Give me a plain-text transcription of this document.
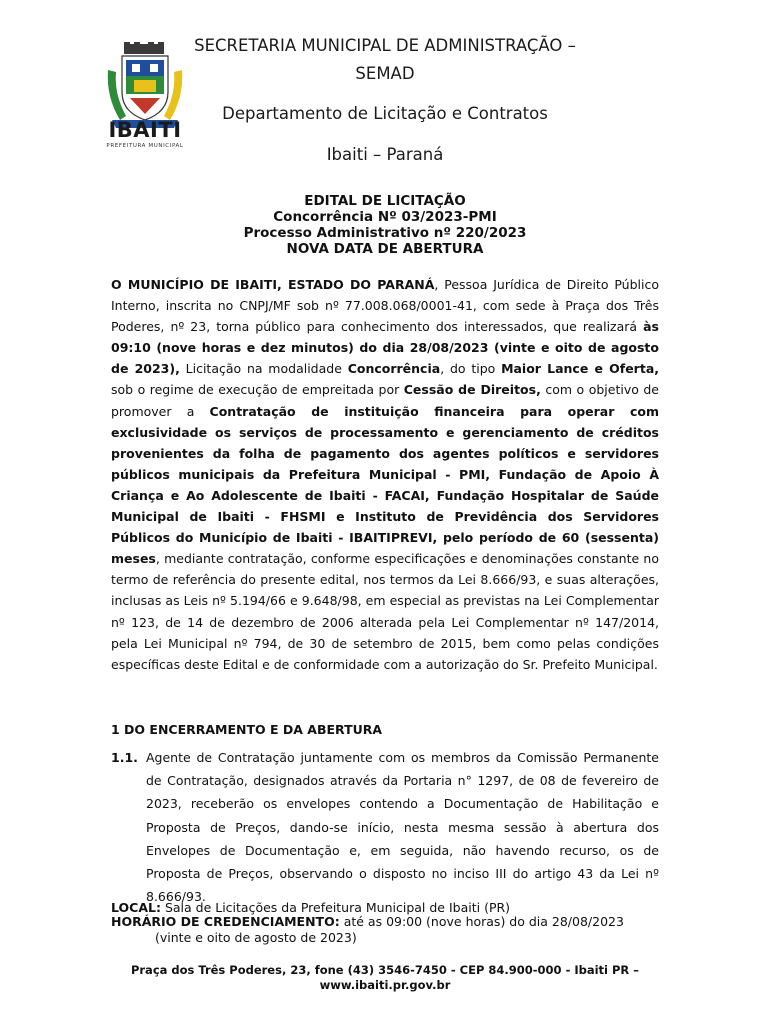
IBAITI
PREFEITURA MUNICIPAL
SECRETARIA MUNICIPAL DE ADMINISTRAÇÃO –
SEMAD
Departamento de Licitação e Contratos
Ibaiti – Paraná
EDITAL DE LICITAÇÃO
Concorrência Nº 03/2023-PMI
Processo Administrativo nº 220/2023
NOVA DATA DE ABERTURA

O MUNICÍPIO DE IBAITI, ESTADO DO PARANÁ, Pessoa Jurídica de Direito Público Interno, inscrita no CNPJ/MF sob nº 77.008.068/0001-41, com sede à Praça dos Três Poderes, nº 23, torna público para conhecimento dos interessados, que realizará às 09:10 (nove horas e dez minutos) do dia 28/08/2023 (vinte e oito de agosto de 2023), Licitação na modalidade Concorrência, do tipo Maior Lance e Oferta, sob o regime de execução de empreitada por Cessão de Direitos, com o objetivo de promover a Contratação de instituição financeira para operar com exclusividade os serviços de processamento e gerenciamento de créditos provenientes da folha de pagamento dos agentes políticos e servidores públicos municipais da Prefeitura Municipal - PMI, Fundação de Apoio À Criança e Ao Adolescente de Ibaiti - FACAI, Fundação Hospitalar de Saúde Municipal de Ibaiti - FHSMI e Instituto de Previdência dos Servidores Públicos do Município de Ibaiti - IBAITIPREVI, pelo período de 60 (sessenta) meses, mediante contratação, conforme especificações e denominações constante no termo de referência do presente edital, nos termos da Lei 8.666/93, e suas alterações, inclusas as Leis nº 5.194/66 e 9.648/98, em especial as previstas na Lei Complementar nº 123, de 14 de dezembro de 2006 alterada pela Lei Complementar nº 147/2014, pela Lei Municipal nº 794, de 30 de setembro de 2015, bem como pelas condições específicas deste Edital e de conformidade com a autorização do Sr. Prefeito Municipal.

1 DO ENCERRAMENTO E DA ABERTURA
1.1. Agente de Contratação juntamente com os membros da Comissão Permanente de Contratação, designados através da Portaria n° 1297, de 08 de fevereiro de 2023, receberão os envelopes contendo a Documentação de Habilitação e Proposta de Preços, dando-se início, nesta mesma sessão à abertura dos Envelopes de Documentação e, em seguida, não havendo recurso, os de Proposta de Preços, observando o disposto no inciso III do artigo 43 da Lei nº 8.666/93.

LOCAL: Sala de Licitações da Prefeitura Municipal de Ibaiti (PR)

HORÁRIO DE CREDENCIAMENTO: até as 09:00 (nove horas) do dia 28/08/2023

(vinte e oito de agosto de 2023)

Praça dos Três Poderes, 23, fone (43) 3546-7450 - CEP 84.900-000 - Ibaiti PR –
www.ibaiti.pr.gov.br
